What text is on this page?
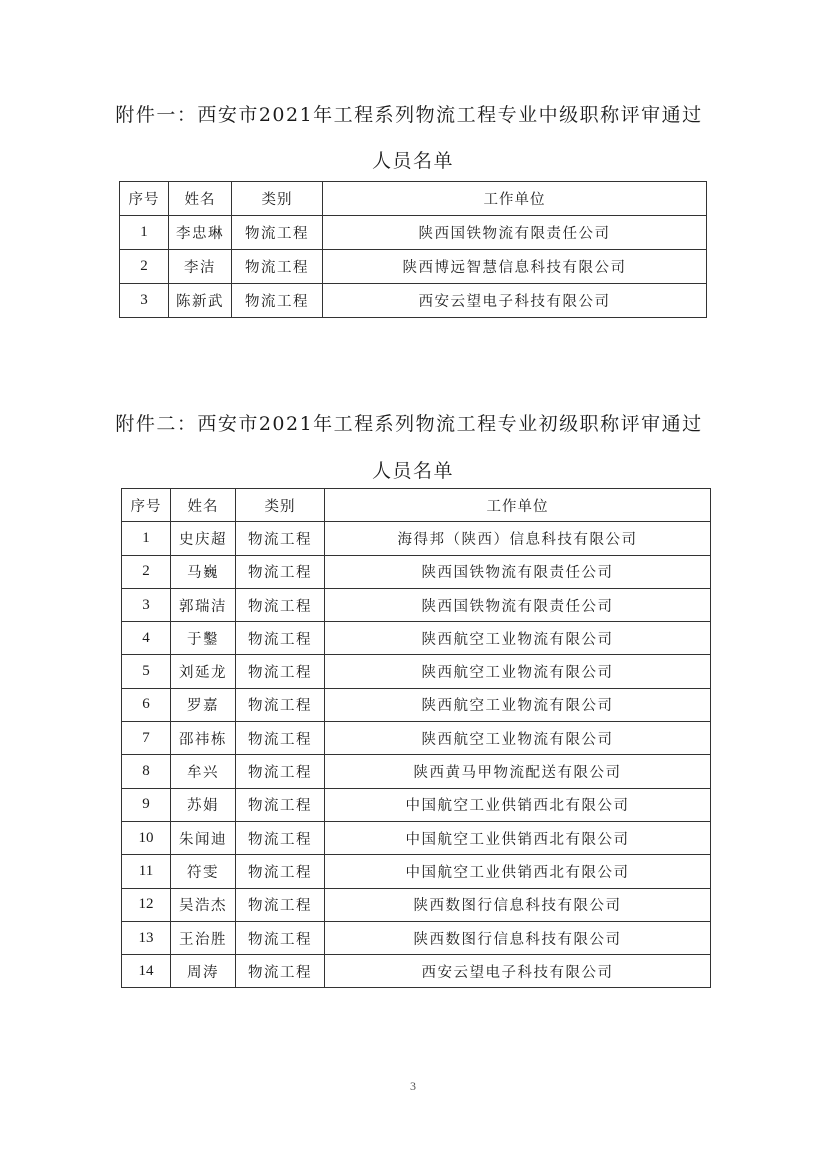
附件一：西安市2021年工程系列物流工程专业中级职称评审通过
人员名单
序号	姓名	类别	工作单位
1	李忠琳	物流工程	陕西国铁物流有限责任公司
2	李洁	物流工程	陕西博远智慧信息科技有限公司
3	陈新武	物流工程	西安云望电子科技有限公司
附件二：西安市2021年工程系列物流工程专业初级职称评审通过
人员名单
序号	姓名	类别	工作单位
1	史庆超	物流工程	海得邦（陕西）信息科技有限公司
2	马巍	物流工程	陕西国铁物流有限责任公司
3	郭瑞洁	物流工程	陕西国铁物流有限责任公司
4	于鑿	物流工程	陕西航空工业物流有限公司
5	刘延龙	物流工程	陕西航空工业物流有限公司
6	罗嘉	物流工程	陕西航空工业物流有限公司
7	邵祎栋	物流工程	陕西航空工业物流有限公司
8	牟兴	物流工程	陕西黄马甲物流配送有限公司
9	苏娟	物流工程	中国航空工业供销西北有限公司
10	朱闻迪	物流工程	中国航空工业供销西北有限公司
11	符雯	物流工程	中国航空工业供销西北有限公司
12	吴浩杰	物流工程	陕西数图行信息科技有限公司
13	王治胜	物流工程	陕西数图行信息科技有限公司
14	周涛	物流工程	西安云望电子科技有限公司
3
